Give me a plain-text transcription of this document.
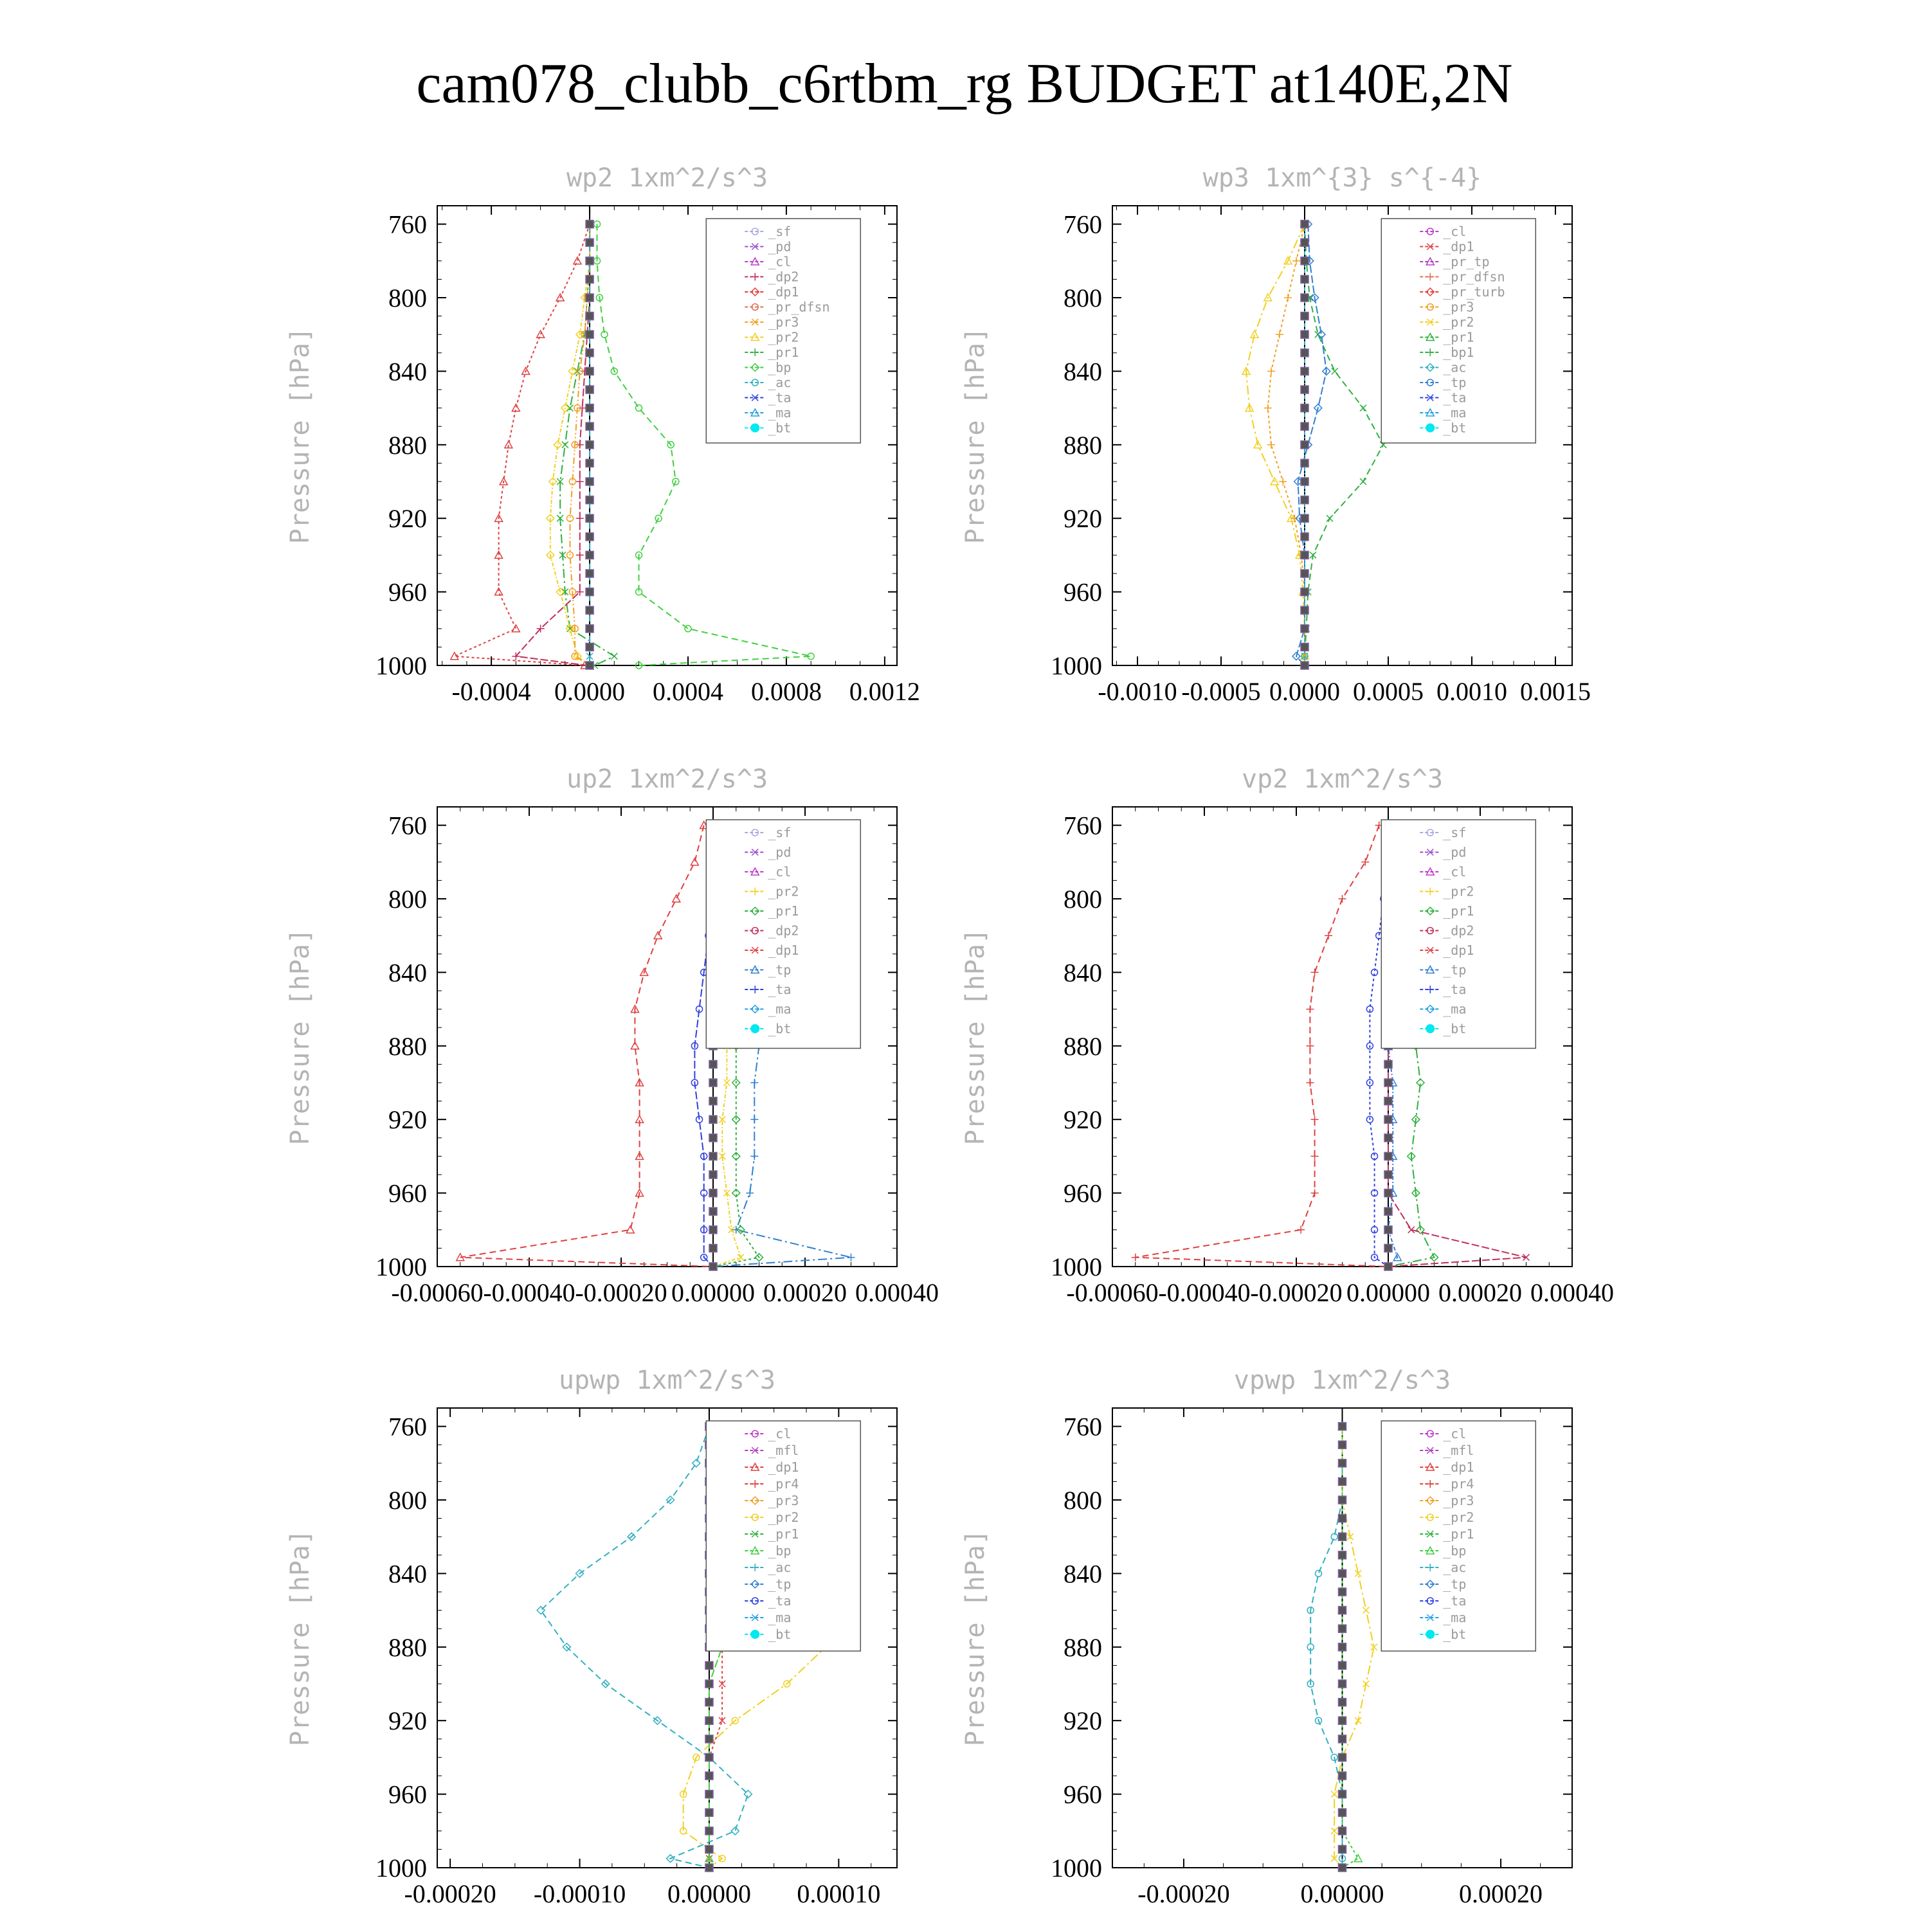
cam078_clubb_c6rtbm_rg BUDGET at140E,2N
wp2 1xm^2/s^3
Pressure [hPa]
760
800
840
880
920
960
1000
-0.0004 0.0000 0.0004 0.0008 0.0012
_sf
_pd
_cl
_dp2
_dp1
_pr_dfsn
_pr3
_pr2
_pr1
_bp
_ac
_ta
_ma
_bt
wp3 1xm^{3} s^{-4}
Pressure [hPa]
760
800
840
880
920
960
1000
-0.0010 -0.0005 0.0000 0.0005 0.0010 0.0015
_cl
_dp1
_pr_tp
_pr_dfsn
_pr_turb
_pr3
_pr2
_pr1
_bp1
_ac
_tp
_ta
_ma
_bt
up2 1xm^2/s^3
Pressure [hPa]
760
800
840
880
920
960
1000
-0.00060 -0.00040 -0.00020 0.00000 0.00020 0.00040
_sf
_pd
_cl
_pr2
_pr1
_dp2
_dp1
_tp
_ta
_ma
_bt
vp2 1xm^2/s^3
Pressure [hPa]
760
800
840
880
920
960
1000
-0.00060 -0.00040 -0.00020 0.00000 0.00020 0.00040
_sf
_pd
_cl
_pr2
_pr1
_dp2
_dp1
_tp
_ta
_ma
_bt
upwp 1xm^2/s^3
Pressure [hPa]
760
800
840
880
920
960
1000
-0.00020 -0.00010 0.00000 0.00010
_cl
_mfl
_dp1
_pr4
_pr3
_pr2
_pr1
_bp
_ac
_tp
_ta
_ma
_bt
vpwp 1xm^2/s^3
Pressure [hPa]
760
800
840
880
920
960
1000
-0.00020	0.00000	0.00020
_cl
_mfl
_dp1
_pr4
_pr3
_pr2
_pr1
_bp
_ac
_tp
_ta
_ma
_bt
